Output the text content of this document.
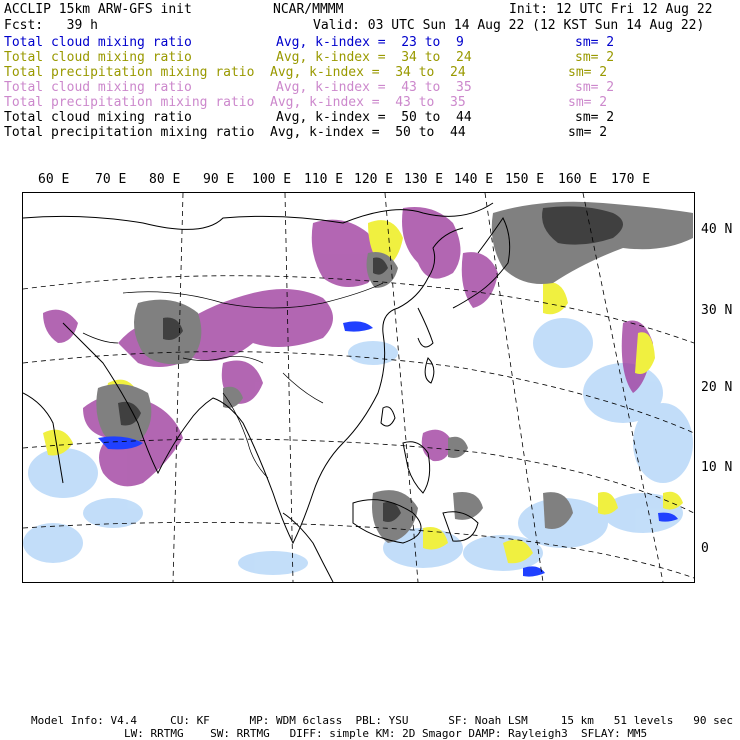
ACCLIP 15km ARW-GFS init	NCAR/MMMM	Init: 12 UTC Fri 12 Aug 22
Fcst:   39 h	Valid: 03 UTC Sun 14 Aug 22 (12 KST Sun 14 Aug 22)
Total cloud mixing ratio	Avg, k-index =  23 to  9	sm= 2
Total cloud mixing ratio	Avg, k-index =  34 to  24	sm= 2
Total precipitation mixing ratio Avg, k-index =  34 to  24	sm= 2
Total cloud mixing ratio	Avg, k-index =  43 to  35	sm= 2
Total precipitation mixing ratio Avg, k-index =  43 to  35	sm= 2
Total cloud mixing ratio	Avg, k-index =  50 to  44	sm= 2
Total precipitation mixing ratio Avg, k-index =  50 to  44	sm= 2
60 E 70 E 80 E 90 E 100 E 110 E 120 E 130 E 140 E 150 E 160 E 170 E
40 N
30 N
20 N
10 N
0
Model Info: V4.4     CU: KF      MP: WDM 6class  PBL: YSU      SF: Noah LSM     15 km   51 levels   90 sec
LW: RRTMG    SW: RRTMG   DIFF: simple KM: 2D Smagor DAMP: Rayleigh3  SFLAY: MM5
